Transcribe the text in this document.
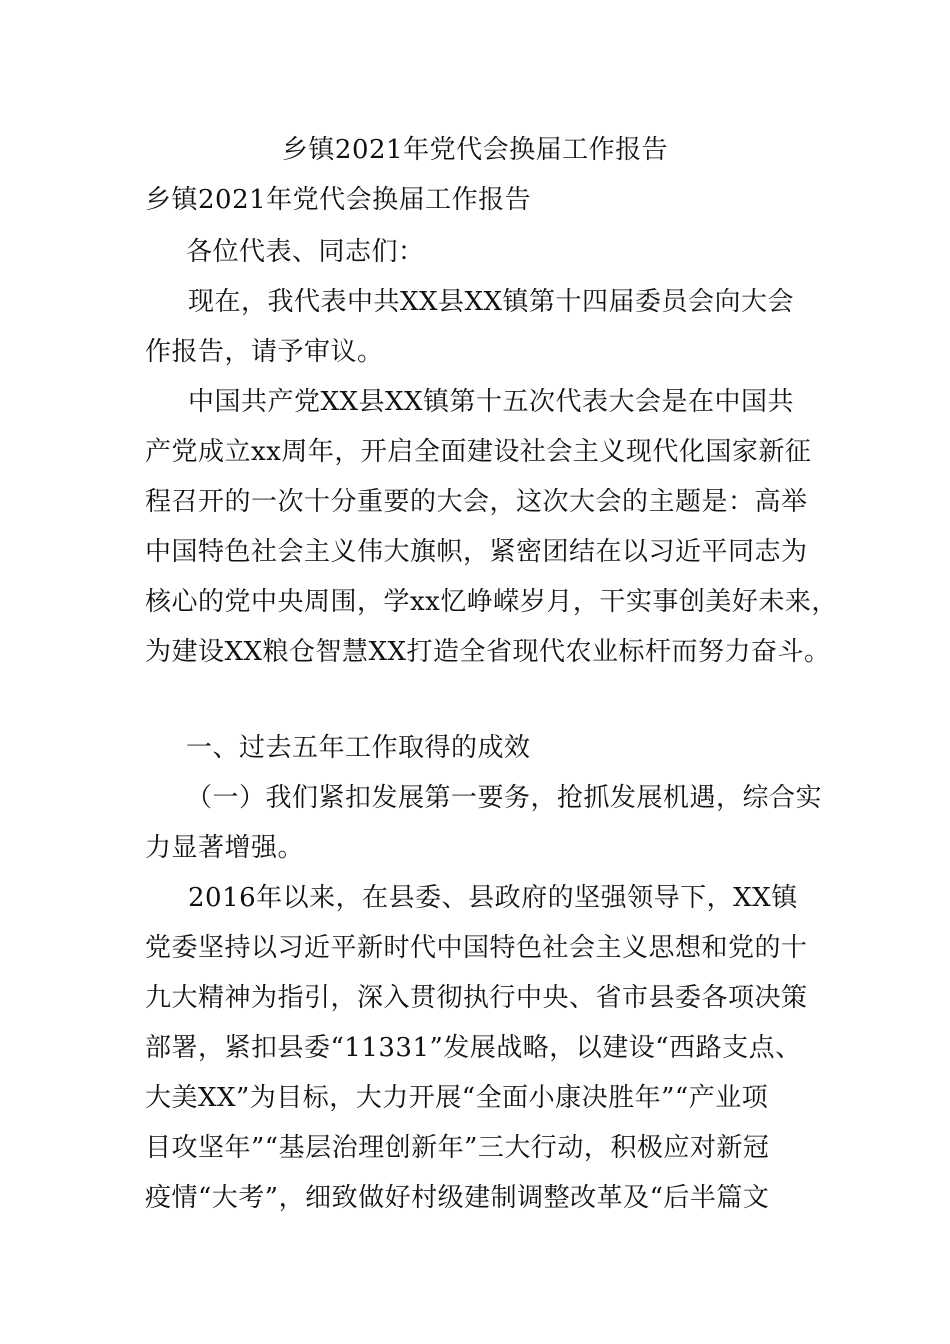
乡镇2021年党代会换届工作报告
乡镇2021年党代会换届工作报告
各位代表、同志们：
现在，我代表中共XX县XX镇第十四届委员会向大会
作报告，请予审议。
中国共产党XX县XX镇第十五次代表大会是在中国共
产党成立xx周年，开启全面建设社会主义现代化国家新征
程召开的一次十分重要的大会，这次大会的主题是：高举
中国特色社会主义伟大旗帜，紧密团结在以习近平同志为
核心的党中央周围，学xx忆峥嵘岁月，干实事创美好未来，
为建设XX粮仓智慧XX打造全省现代农业标杆而努力奋斗。
一、过去五年工作取得的成效
（一）我们紧扣发展第一要务，抢抓发展机遇，综合实
力显著增强。
2016年以来，在县委、县政府的坚强领导下，XX镇
党委坚持以习近平新时代中国特色社会主义思想和党的十
九大精神为指引，深入贯彻执行中央、省市县委各项决策
部署，紧扣县委“11331”发展战略，以建设“西路支点、
大美XX”为目标，大力开展“全面小康决胜年”“产业项
目攻坚年”“基层治理创新年”三大行动，积极应对新冠
疫情“大考”，细致做好村级建制调整改革及“后半篇文
